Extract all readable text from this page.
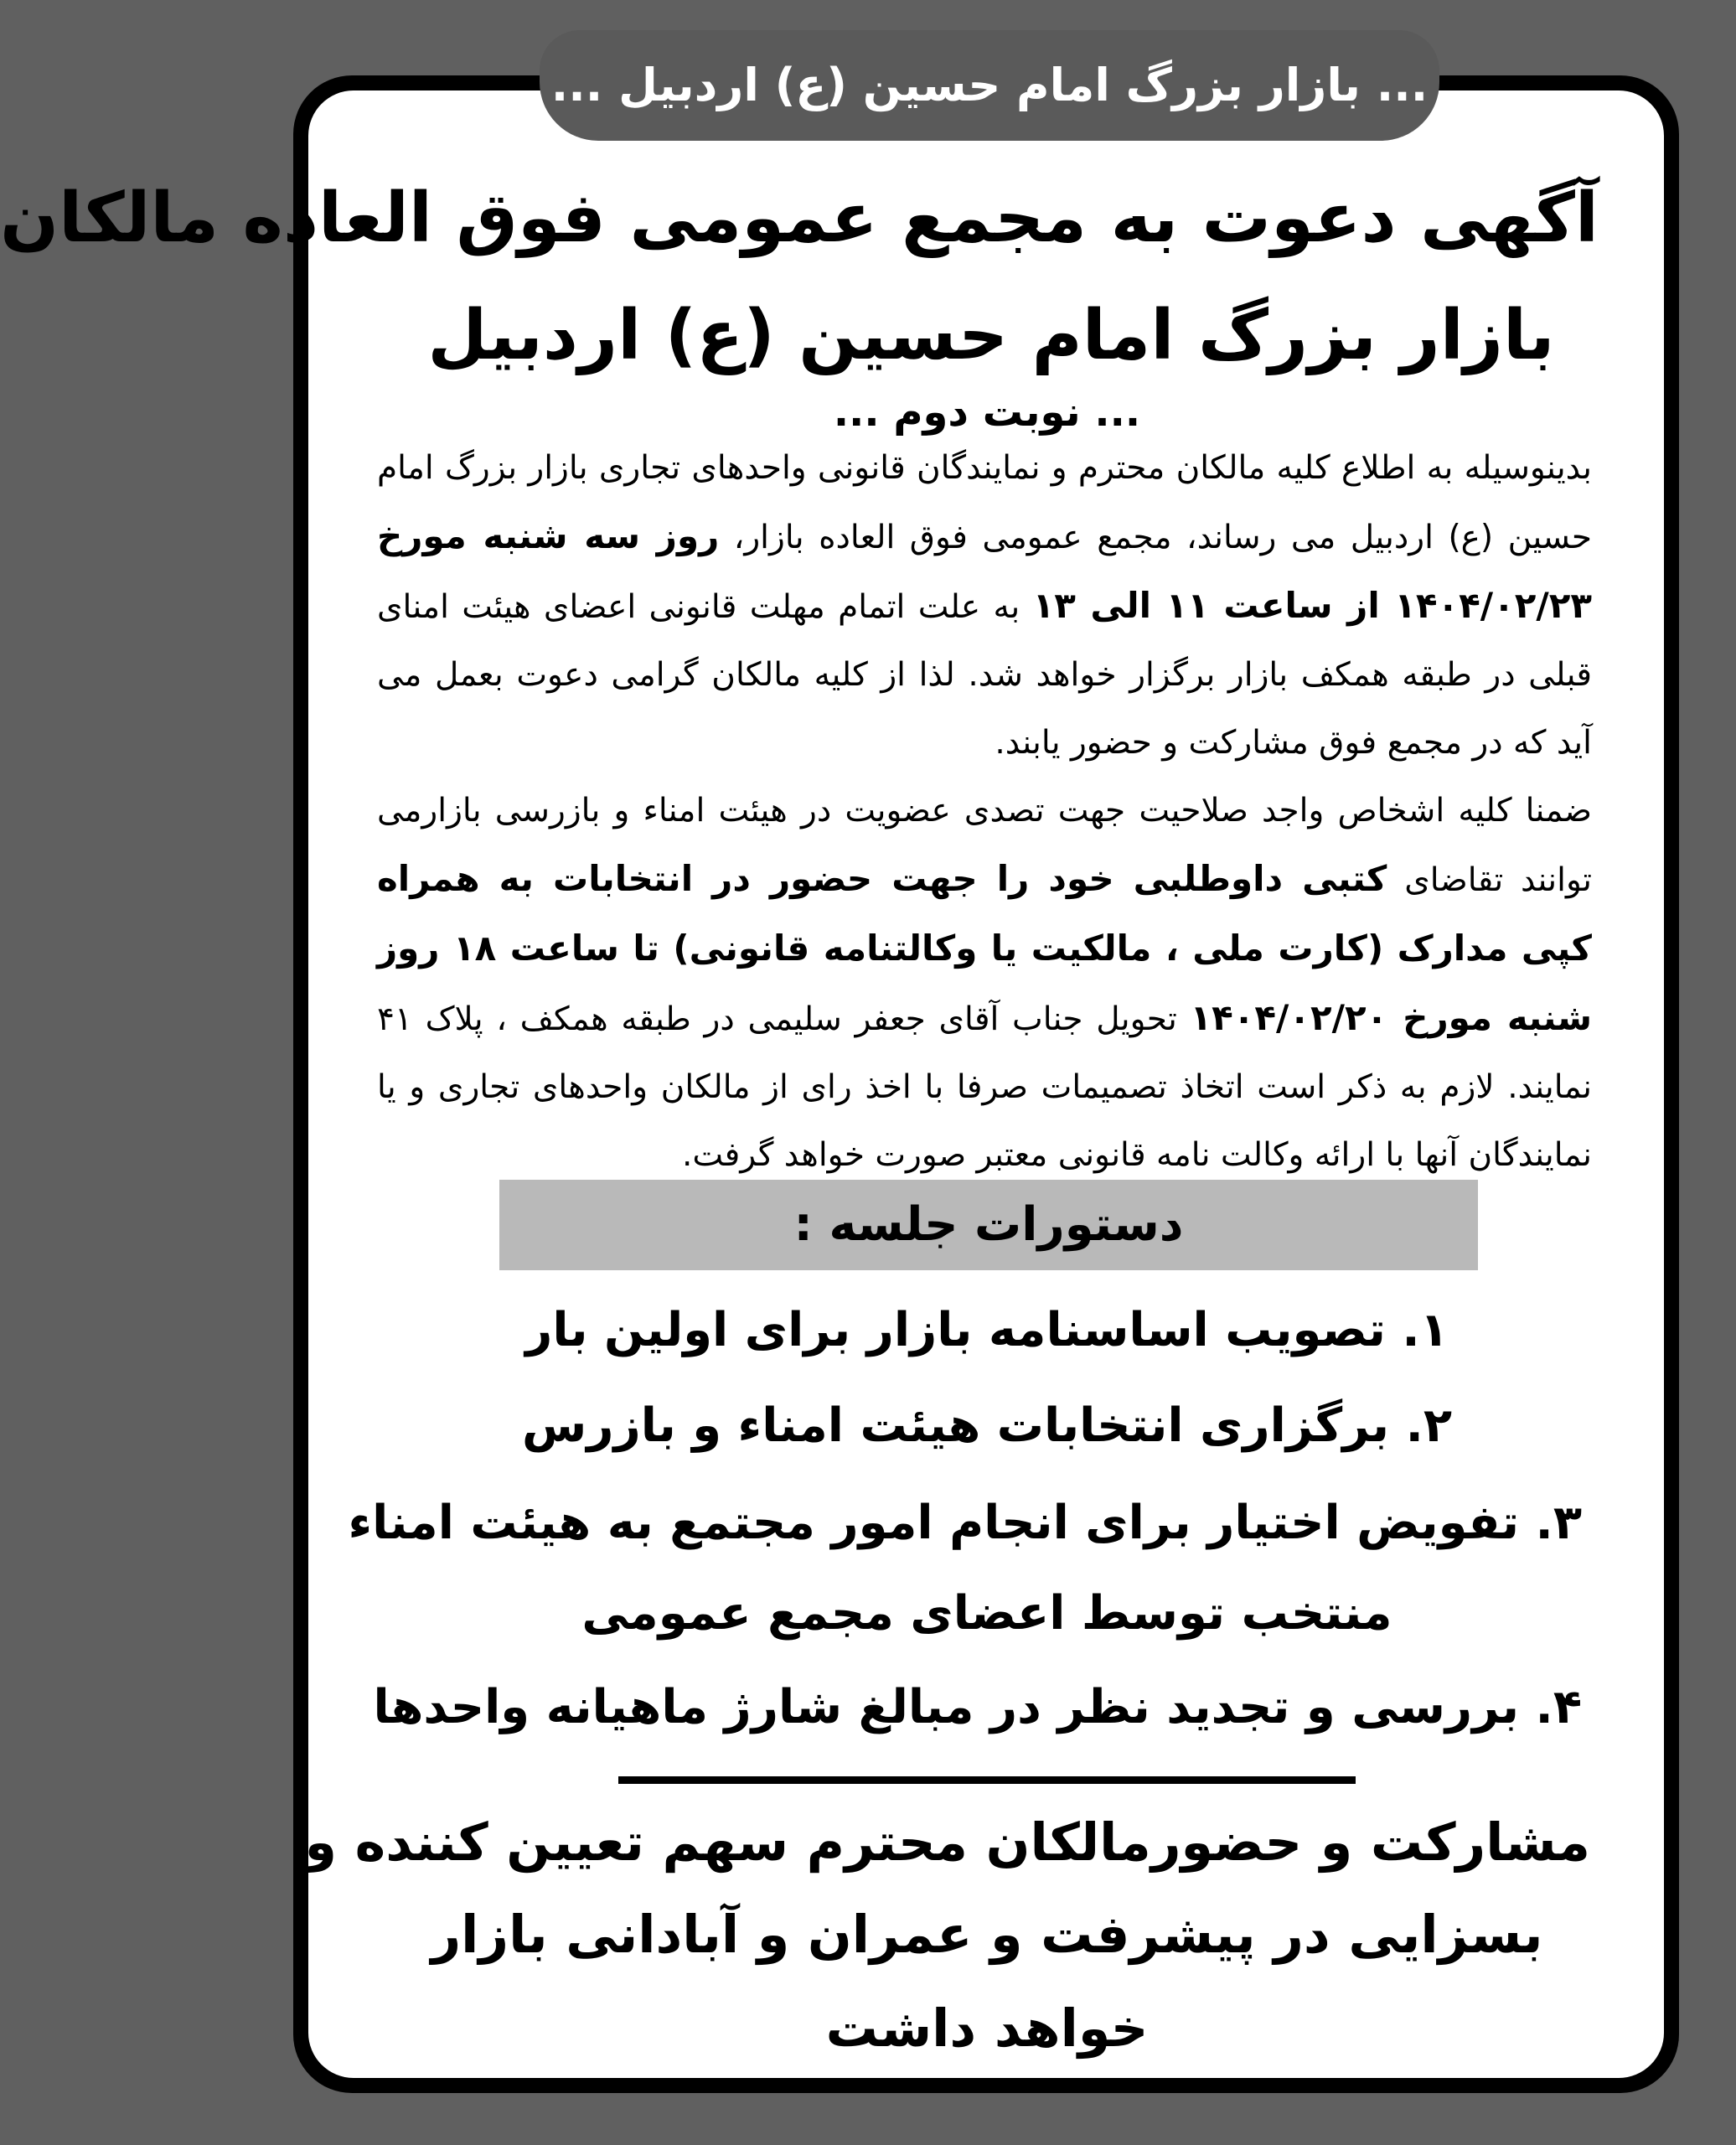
... بازار بزرگ امام حسین (ع) اردبیل ...
آگهی دعوت به مجمع عمومی فوق العاده مالکان
بازار بزرگ امام حسین (ع) اردبیل
... نوبت دوم ...
بدینوسیله به اطلاع کلیه مالکان محترم و نمایندگان قانونی واحدهای تجاری بازار بزرگ امام حسین (ع) اردبیل می رساند، مجمع عمومی فوق العاده بازار، روز سه شنبه مورخ ۱۴۰۴/۰۲/۲۳ از ساعت ۱۱ الی ۱۳ به علت اتمام مهلت قانونی اعضای هیئت امنای قبلی در طبقه همکف بازار برگزار خواهد شد. لذا از کلیه مالکان گرامی دعوت بعمل می آید که در مجمع فوق مشارکت و حضور یابند.
ضمنا کلیه اشخاص واجد صلاحیت جهت تصدی عضویت در هیئت امناء و بازرسی بازارمی توانند تقاضای کتبی داوطلبی خود را جهت حضور در انتخابات به همراه کپی مدارک (کارت ملی ، مالکیت یا وکالتنامه قانونی) تا ساعت ۱۸ روز شنبه مورخ ۱۴۰۴/۰۲/۲۰ تحویل جناب آقای جعفر سلیمی در طبقه همکف ، پلاک ۴۱ نمایند. لازم به ذکر است اتخاذ تصمیمات صرفا با اخذ رای از مالکان واحدهای تجاری و یا نمایندگان آنها با ارائه وکالت نامه قانونی معتبر صورت خواهد گرفت.
دستورات جلسه :
۱. تصویب اساسنامه بازار برای اولین بار
۲. برگزاری انتخابات هیئت امناء و بازرس
۳. تفویض اختیار برای انجام امور مجتمع به هیئت امناء
منتخب توسط اعضای مجمع عمومی
۴. بررسی و تجدید نظر در مبالغ شارژ ماهیانه واحدها
مشارکت و حضورمالکان محترم سهم تعیین کننده و
بسزایی در پیشرفت و عمران و آبادانی بازار
خواهد داشت
